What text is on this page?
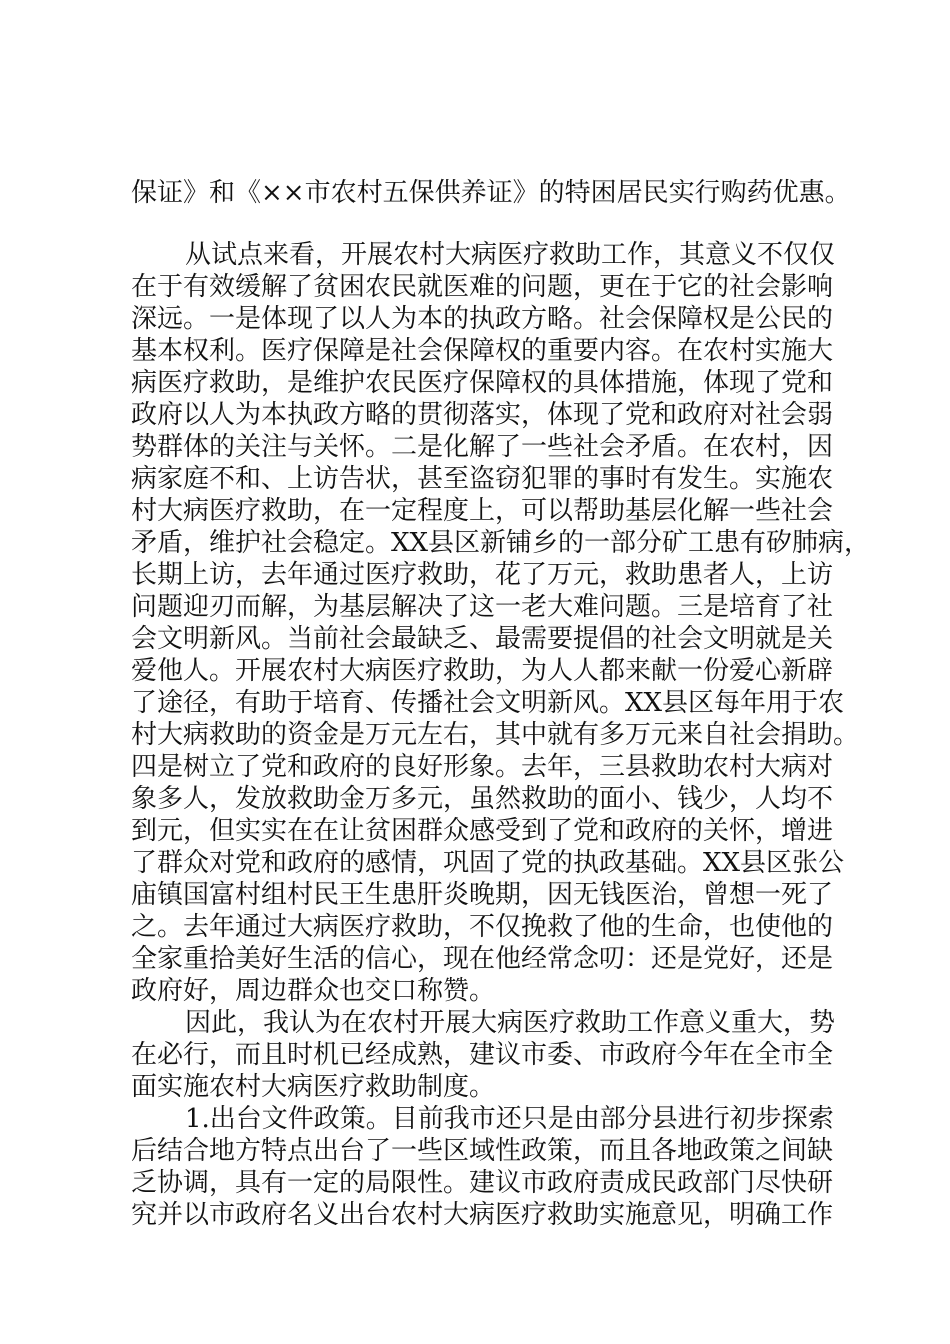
保证》和《××市农村五保供养证》的特困居民实行购药优惠。

从试点来看，开展农村大病医疗救助工作，其意义不仅仅

在于有效缓解了贫困农民就医难的问题，更在于它的社会影响

深远。一是体现了以人为本的执政方略。社会保障权是公民的

基本权利。医疗保障是社会保障权的重要内容。在农村实施大

病医疗救助，是维护农民医疗保障权的具体措施，体现了党和

政府以人为本执政方略的贯彻落实，体现了党和政府对社会弱

势群体的关注与关怀。二是化解了一些社会矛盾。在农村，因

病家庭不和、上访告状，甚至盗窃犯罪的事时有发生。实施农

村大病医疗救助，在一定程度上，可以帮助基层化解一些社会

矛盾，维护社会稳定。XX县区新铺乡的一部分矿工患有矽肺病，

长期上访，去年通过医疗救助，花了万元，救助患者人，上访

问题迎刃而解，为基层解决了这一老大难问题。三是培育了社

会文明新风。当前社会最缺乏、最需要提倡的社会文明就是关

爱他人。开展农村大病医疗救助，为人人都来献一份爱心新辟

了途径，有助于培育、传播社会文明新风。XX县区每年用于农

村大病救助的资金是万元左右，其中就有多万元来自社会捐助。

四是树立了党和政府的良好形象。去年，三县救助农村大病对

象多人，发放救助金万多元，虽然救助的面小、钱少，人均不

到元，但实实在在让贫困群众感受到了党和政府的关怀，增进

了群众对党和政府的感情，巩固了党的执政基础。XX县区张公

庙镇国富村组村民王生患肝炎晚期，因无钱医治，曾想一死了

之。去年通过大病医疗救助，不仅挽救了他的生命，也使他的

全家重拾美好生活的信心，现在他经常念叨：还是党好，还是

政府好，周边群众也交口称赞。

因此，我认为在农村开展大病医疗救助工作意义重大，势

在必行，而且时机已经成熟，建议市委、市政府今年在全市全

面实施农村大病医疗救助制度。

1.出台文件政策。目前我市还只是由部分县进行初步探索

后结合地方特点出台了一些区域性政策，而且各地政策之间缺

乏协调，具有一定的局限性。建议市政府责成民政部门尽快研

究并以市政府名义出台农村大病医疗救助实施意见，明确工作
